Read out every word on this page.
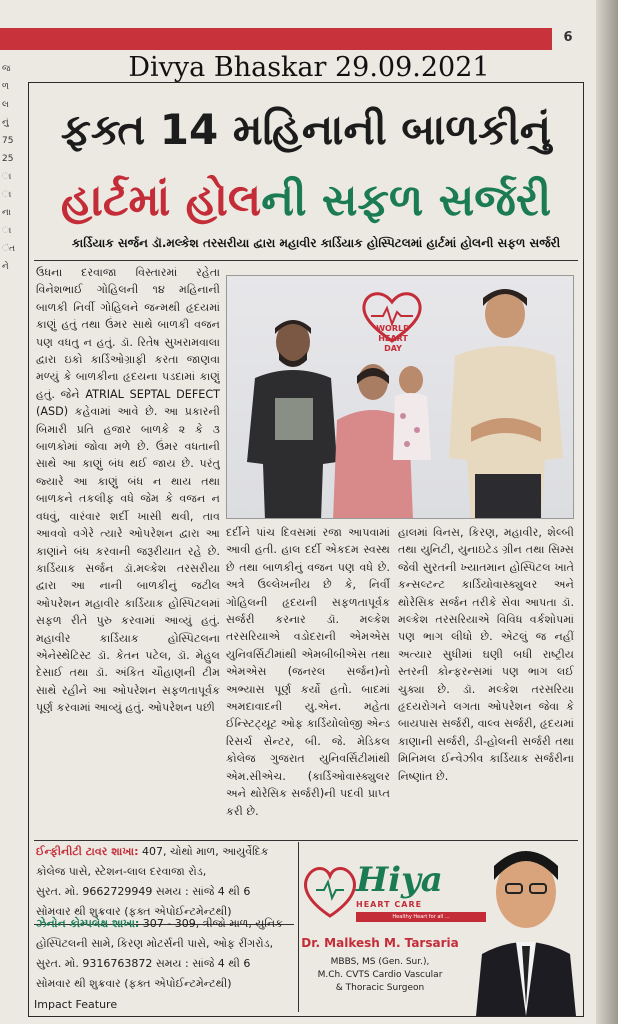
6
Divya Bhaskar 29.09.2021
જ
ળ
લ
નું
75
25
ા
ા
ના
ા
ંત
ને
ફક્ત 14 મહિનાની બાળકીનું
હાર્ટમાં હોલની સફળ સર્જરી
કાર્ડિયાક સર્જન ડૉ.મલ્કેશ તરસરીયા દ્વારા મહાવીર કાર્ડિયાક હોસ્પિટલમાં હાર્ટમાં હોલની સફળ સર્જરી
ઉધના દરવાજા વિસ્તારમાં રહેતા વિનેશભાઈ ગોહિલની ૧૪ મહિનાની બાળકી નિર્વી ગોહિલને જન્મથી હૃદયમાં કાણું હતું તથા ઉંમર સાથે બાળકી વજન પણ વધતુ ન હતું. ડૉ. રિતેષ સુખરામવાલા દ્વારા ઇકો કાર્ડિઓગ્રાફી કરતા જાણવા મળ્યું કે બાળકીના હૃદયના પડદામાં કાણું હતું. જેને ATRIAL SEPTAL DEFECT (ASD) કહેવામાં આવે છે. આ પ્રકારની બિમારી પ્રતિ હજાર બાળકે ૨ કે ૩ બાળકોમાં જોવા મળે છે. ઉંમર વધતાની સાથે આ કાણું બંધ થઈ જાય છે. પરંતુ જ્યારે આ કાણું બંધ ન થાય તથા બાળકને તકલીફ વધે જેમ કે વજન ન વધવું, વારંવાર શર્દી ખાસી થવી, તાવ આવવો વગેરે ત્યારે ઓપરેશન દ્વારા આ કાણાંને બંધ કરવાની જરૂરીયાત રહે છે. કાર્ડિયાક સર્જન ડૉ.મલ્કેશ તરસરીયા દ્વારા આ નાની બાળકીનું જટીલ ઓપરેશન મહાવીર કાર્ડિયાક હોસ્પિટલમાં સફળ રીતે પુરુ કરવામાં આવ્યું હતું. મહાવીર કાર્ડિયાક હોસ્પિટલના એનેસ્થેટિસ્ટ ડૉ. કેતન પટેલ, ડૉ. મેહુલ દેસાઈ તથા ડૉ. અંકિત ચૌહાણની ટીમ સાથે રહીને આ ઓપરેશન સફળતાપૂર્વક પૂર્ણ કરવામાં આવ્યું હતું. ઓપરેશન પછી
WORLD
HEART
DAY
દર્દીને પાંચ દિવસમાં રજા આપવામાં આવી હતી. હાલ દર્દી એકદમ સ્વસ્થ છે તથા બાળકીનું વજન પણ વધે છે. અત્રે ઉલ્લેખનીય છે કે, નિર્વી ગોહિલની હૃદયની સફળતાપૂર્વક સર્જરી કરનાર ડૉ. મલ્કેશ તરસરિયાએ વડોદરાની એમએસ યુનિવર્સિટીમાંથી એમબીબીએસ તથા એમએસ (જનરલ સર્જન)નો અભ્યાસ પૂર્ણ કર્યો હતો. બાદમાં અમદાવાદની યુ.એન. મહેતા ઈન્સ્ટિટ્યૂટ ઓફ કાર્ડિયોલોજી એન્ડ રિસર્ચ સેન્ટર, બી. જે. મેડિકલ કોલેજ ગુજરાત યુનિવર્સિટીમાંથી એમ.સીએચ. (કાર્ડિઓવાસ્ક્યુલર અને થોરેસિક સર્જરી)ની પદવી પ્રાપ્ત કરી છે.
હાલમાં વિનસ, કિરણ, મહાવીર, શેલ્બી તથા યુનિટી, યુનાઇટેડ ગ્રીન તથા સિમ્સ જેવી સુરતની ખ્યાતમાન હોસ્પિટલ ખાતે કન્સલ્ટન્ટ કાર્ડિયોવાસ્ક્યુલર અને થોરેસિક સર્જન તરીકે સેવા આપતા ડૉ. મલ્કેશ તરસરિયાએ વિવિધ વર્કશોપમાં પણ ભાગ લીધો છે. એટલું જ નહીં અત્યાર સુધીમાં ઘણી બધી રાષ્ટ્રીય સ્તરની કોન્ફરન્સમાં પણ ભાગ લઈ ચુક્યા છે. ડૉ. મલ્કેશ તરસરિયા હૃદયરોગને લગતા ઓપરેશન જેવા કે બાયપાસ સર્જરી, વાલ્વ સર્જરી, હૃદયમાં કાણાની સર્જરી, ડી-હોલની સર્જરી તથા મિનિમલ ઈન્વેઝીવ કાર્ડિયાક સર્જરીના નિષ્ણાંત છે.
ઈન્ફીનીટી ટાવર શાખા: 407, ચોથો માળ, આયુર્વેદિક
કોલેજ પાસે, સ્ટેશન-લાલ દરવાજા રોડ,
સુરત. મો. 9662729949 સમય : સાંજે 4 થી 6
સોમવાર થી શુક્રવાર (ફક્ત એપોઈન્ટમેન્ટથી)
ઝેનોન કોમ્પલેક્ષ શાખા: 307 - 309, ત્રીજો માળ, યુનિક
હોસ્પિટલની સામે, કિરણ મોટર્સની પાસે, ઓફ રીંગરોડ,
સુરત. મો. 9316763872 સમય : સાંજે 4 થી 6
સોમવાર થી શુક્રવાર (ફક્ત એપોઈન્ટમેન્ટથી)
Hiya
HEART CARE
Healthy Heart for all ...
Dr. Malkesh M. Tarsaria
MBBS, MS (Gen. Sur.),
M.Ch. CVTS Cardio Vascular
& Thoracic Surgeon
Impact Feature
